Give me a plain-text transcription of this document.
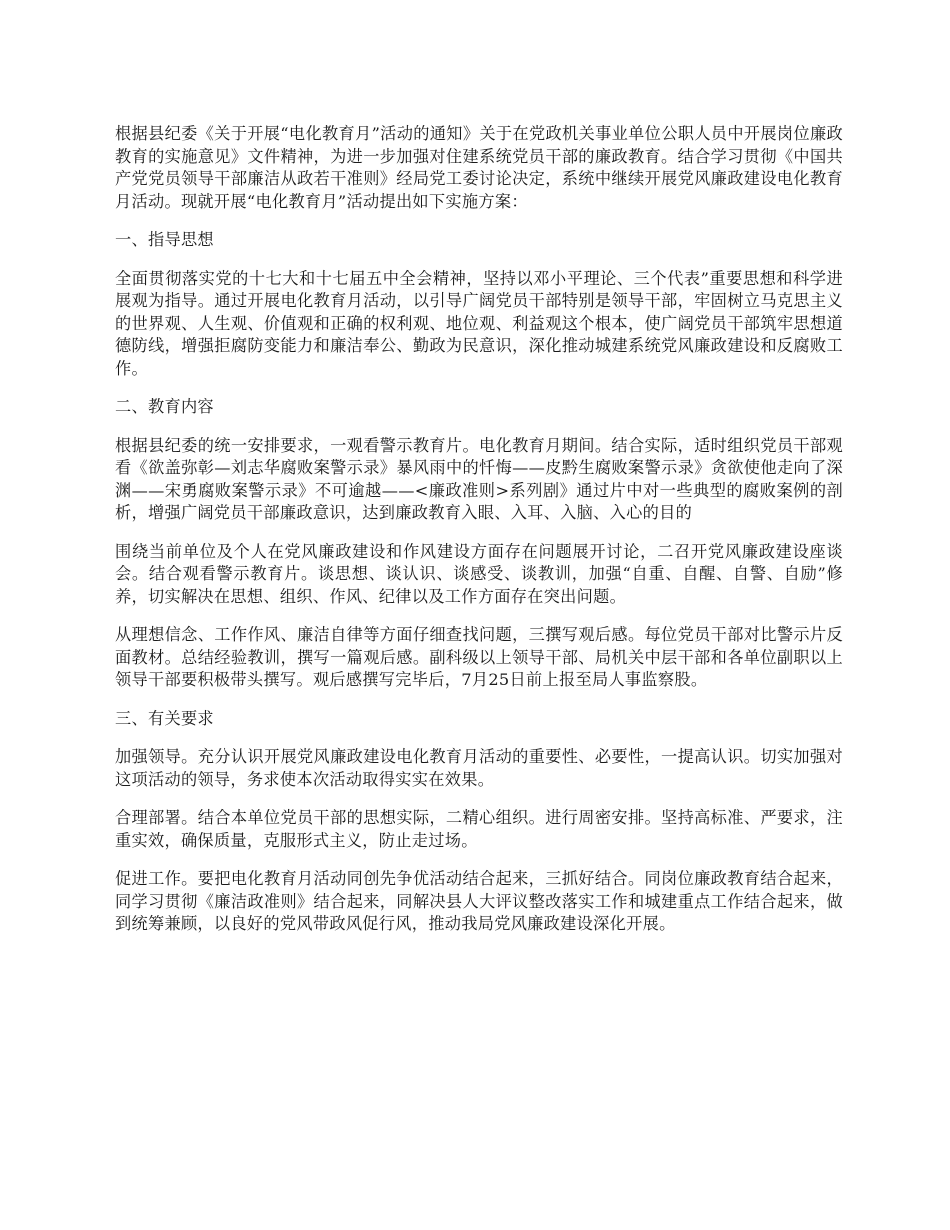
根据县纪委《关于开展“电化教育月”活动的通知》关于在党政机关事业单位公职人员中开展岗位廉政教育的实施意见》文件精神，为进一步加强对住建系统党员干部的廉政教育。结合学习贯彻《中国共产党党员领导干部廉洁从政若干准则》经局党工委讨论决定，系统中继续开展党风廉政建设电化教育月活动。现就开展“电化教育月”活动提出如下实施方案：

一、指导思想

全面贯彻落实党的十七大和十七届五中全会精神，坚持以邓小平理论、三个代表”重要思想和科学进展观为指导。通过开展电化教育月活动，以引导广阔党员干部特别是领导干部，牢固树立马克思主义的世界观、人生观、价值观和正确的权利观、地位观、利益观这个根本，使广阔党员干部筑牢思想道德防线，增强拒腐防变能力和廉洁奉公、勤政为民意识，深化推动城建系统党风廉政建设和反腐败工作。

二、教育内容

根据县纪委的统一安排要求，一观看警示教育片。电化教育月期间。结合实际，适时组织党员干部观看《欲盖弥彰—刘志华腐败案警示录》暴风雨中的忏悔——皮黔生腐败案警示录》贪欲使他走向了深渊——宋勇腐败案警示录》不可逾越——<廉政准则>系列剧》通过片中对一些典型的腐败案例的剖析，增强广阔党员干部廉政意识，达到廉政教育入眼、入耳、入脑、入心的目的

围绕当前单位及个人在党风廉政建设和作风建设方面存在问题展开讨论，二召开党风廉政建设座谈会。结合观看警示教育片。谈思想、谈认识、谈感受、谈教训，加强“自重、自醒、自警、自励”修养，切实解决在思想、组织、作风、纪律以及工作方面存在突出问题。

从理想信念、工作作风、廉洁自律等方面仔细查找问题，三撰写观后感。每位党员干部对比警示片反面教材。总结经验教训，撰写一篇观后感。副科级以上领导干部、局机关中层干部和各单位副职以上领导干部要积极带头撰写。观后感撰写完毕后，7月25日前上报至局人事监察股。

三、有关要求

加强领导。充分认识开展党风廉政建设电化教育月活动的重要性、必要性，一提高认识。切实加强对这项活动的领导，务求使本次活动取得实实在效果。

合理部署。结合本单位党员干部的思想实际，二精心组织。进行周密安排。坚持高标准、严要求，注重实效，确保质量，克服形式主义，防止走过场。

促进工作。要把电化教育月活动同创先争优活动结合起来，三抓好结合。同岗位廉政教育结合起来，同学习贯彻《廉洁政准则》结合起来，同解决县人大评议整改落实工作和城建重点工作结合起来，做到统筹兼顾，以良好的党风带政风促行风，推动我局党风廉政建设深化开展。
